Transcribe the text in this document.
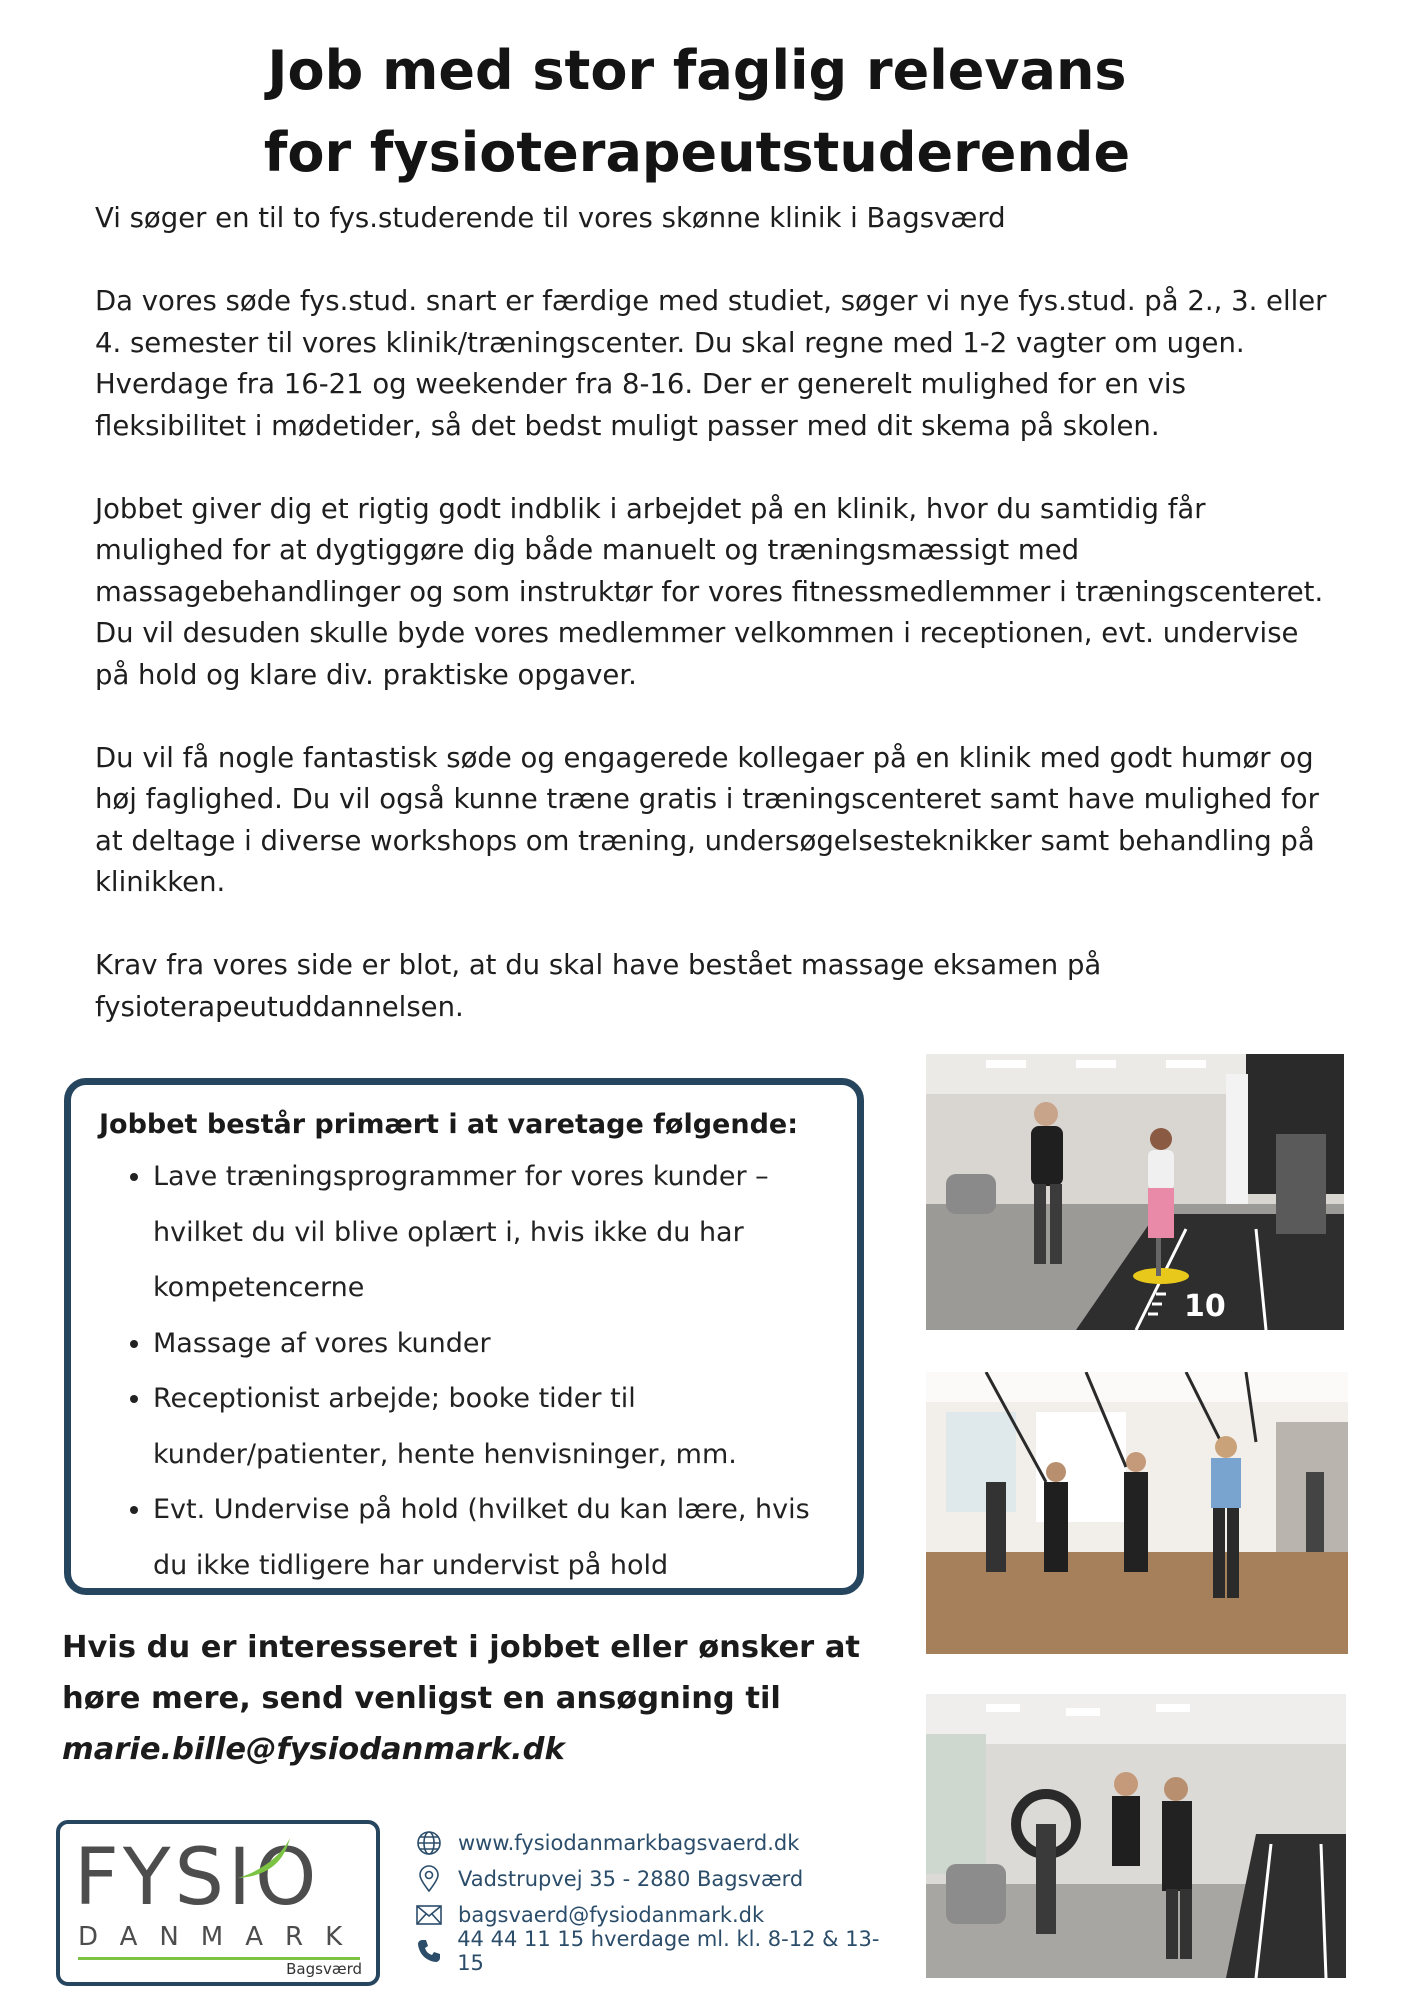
Job med stor faglig relevans
for fysioterapeutstuderende

Vi søger en til to fys.studerende til vores skønne klinik i Bagsværd

Da vores søde fys.stud. snart er færdige med studiet, søger vi nye fys.stud. på 2., 3. eller 4. semester til vores klinik/træningscenter. Du skal regne med 1-2 vagter om ugen. Hverdage fra 16-21 og weekender fra 8-16. Der er generelt mulighed for en vis fleksibilitet i mødetider, så det bedst muligt passer med dit skema på skolen.

Jobbet giver dig et rigtig godt indblik i arbejdet på en klinik, hvor du samtidig får mulighed for at dygtiggøre dig både manuelt og træningsmæssigt med massagebehandlinger og som instruktør for vores fitnessmedlemmer i træningscenteret. Du vil desuden skulle byde vores medlemmer velkommen i receptionen, evt. undervise på hold og klare div. praktiske opgaver.

Du vil få nogle fantastisk søde og engagerede kollegaer på en klinik med godt humør og høj faglighed. Du vil også kunne træne gratis i træningscenteret samt have mulighed for at deltage i diverse workshops om træning, undersøgelsesteknikker samt behandling på klinikken.

Krav fra vores side er blot, at du skal have bestået massage eksamen på fysioterapeutuddannelsen.

Jobbet består primært i at varetage følgende:
• Lave træningsprogrammer for vores kunder – hvilket du vil blive oplært i, hvis ikke du har kompetencerne
• Massage af vores kunder
• Receptionist arbejde; booke tider til kunder/patienter, hente henvisninger, mm.
• Evt. Undervise på hold (hvilket du kan lære, hvis du ikke tidligere har undervist på hold
Hvis du er interesseret i jobbet eller ønsker at høre mere, send venligst en ansøgning til
marie.bille@fysiodanmark.dk
FYSIO
DANMARK
Bagsværd
www.fysiodanmarkbagsvaerd.dk
Vadstrupvej 35 - 2880 Bagsværd
bagsvaerd@fysiodanmark.dk
44 44 11 15 hverdage ml. kl. 8-12 & 13-15
10
